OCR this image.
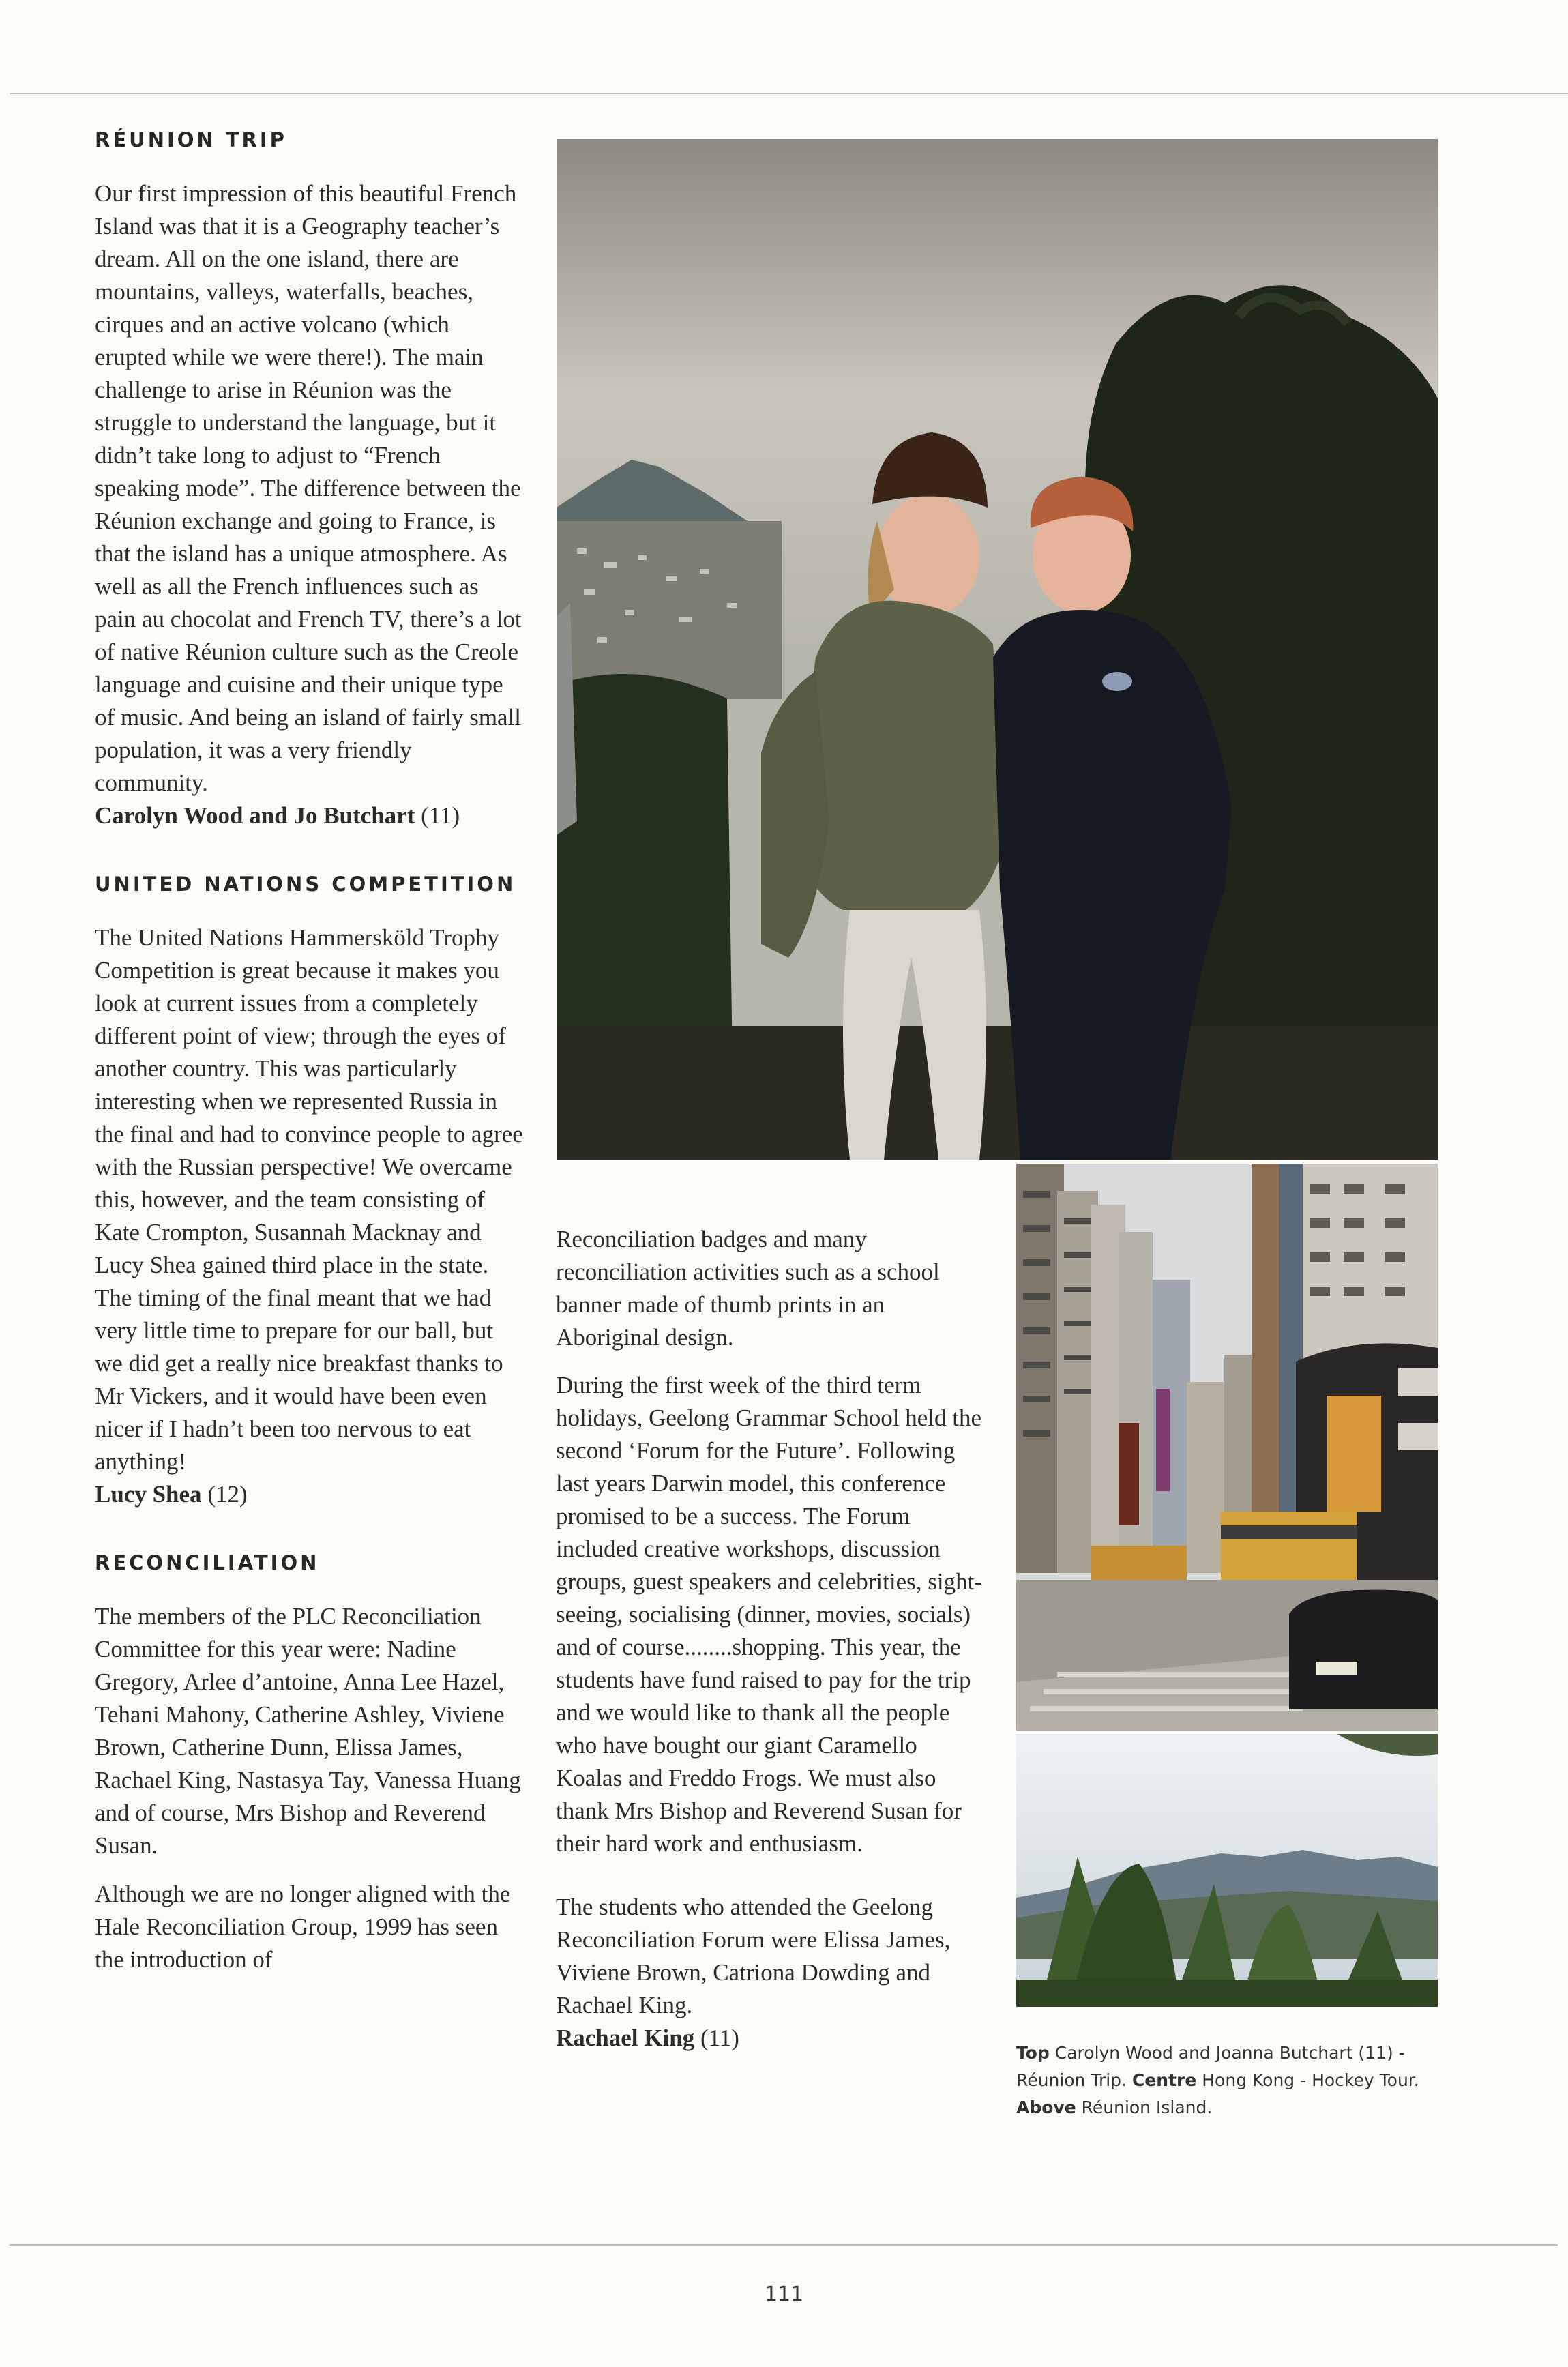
RÉUNION TRIP

Our first impression of this beautiful French Island was that it is a Geography teacher’s dream. All on the one island, there are mountains, valleys, waterfalls, beaches, cirques and an active volcano (which erupted while we were there!). The main challenge to arise in Réunion was the struggle to understand the language, but it didn’t take long to adjust to “French speaking mode”. The difference between the Réunion exchange and going to France, is that the island has a unique atmosphere. As well as all the French influences such as pain au chocolat and French TV, there’s a lot of native Réunion culture such as the Creole language and cuisine and their unique type of music. And being an island of fairly small population, it was a very friendly community.

Carolyn Wood and Jo Butchart (11)

UNITED NATIONS COMPETITION

The United Nations Hammersköld Trophy Competition is great because it makes you look at current issues from a completely different point of view; through the eyes of another country. This was particularly interesting when we represented Russia in the final and had to convince people to agree with the Russian perspective! We overcame this, however, and the team consisting of Kate Crompton, Susannah Macknay and Lucy Shea gained third place in the state. The timing of the final meant that we had very little time to prepare for our ball, but we did get a really nice breakfast thanks to Mr Vickers, and it would have been even nicer if I hadn’t been too nervous to eat anything!

Lucy Shea (12)

RECONCILIATION

The members of the PLC Reconciliation Committee for this year were: Nadine Gregory, Arlee d’antoine, Anna Lee Hazel, Tehani Mahony, Catherine Ashley, Viviene Brown, Catherine Dunn, Elissa James, Rachael King, Nastasya Tay, Vanessa Huang and of course, Mrs Bishop and Reverend Susan.

Although we are no longer aligned with the Hale Reconciliation Group, 1999 has seen the introduction of

Reconciliation badges and many reconciliation activities such as a school banner made of thumb prints in an Aboriginal design.

During the first week of the third term holidays, Geelong Grammar School held the second ‘Forum for the Future’. Following last years Darwin model, this conference promised to be a success. The Forum included creative workshops, discussion groups, guest speakers and celebrities, sight-seeing, socialising (dinner, movies, socials) and of course........shopping. This year, the students have fund raised to pay for the trip and we would like to thank all the people who have bought our giant Caramello Koalas and Freddo Frogs. We must also thank Mrs Bishop and Reverend Susan for their hard work and enthusiasm.

The students who attended the Geelong Reconciliation Forum were Elissa James, Viviene Brown, Catriona Dowding and Rachael King.

Rachael King (11)

Top Carolyn Wood and Joanna Butchart (11) - Réunion Trip. Centre Hong Kong - Hockey Tour.
Above Réunion Island.
111
